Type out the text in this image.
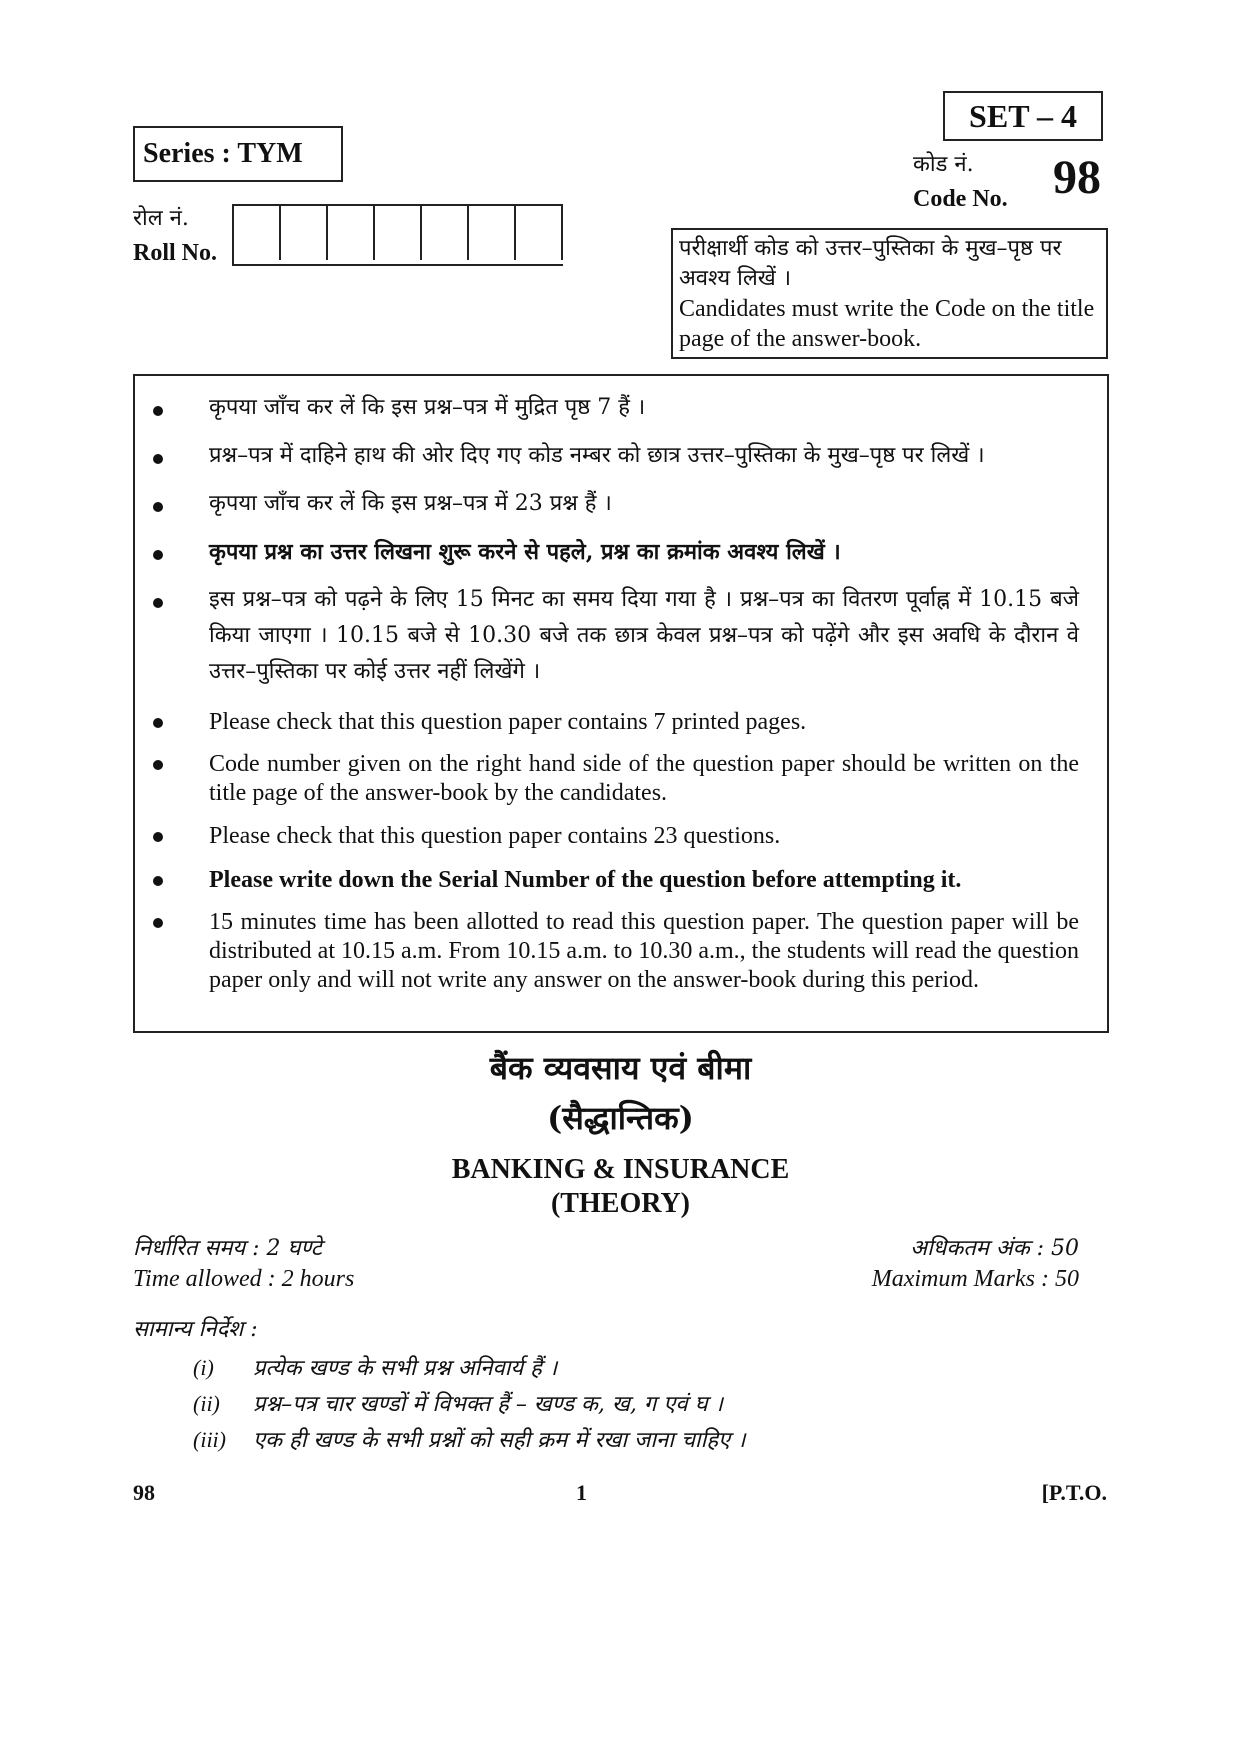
Series : TYM
SET – 4
कोड नं.
Code No. 98
रोल नं.
Roll No.	परीक्षार्थी कोड को उत्तर–पुस्तिका के मुख–पृष्ठ पर अवश्य लिखें ।
Candidates must write the Code on the title page of the answer-book.
कृपया जाँच कर लें कि इस प्रश्न–पत्र में मुद्रित पृष्ठ 7 हैं ।
प्रश्न–पत्र में दाहिने हाथ की ओर दिए गए कोड नम्बर को छात्र उत्तर–पुस्तिका के मुख–पृष्ठ पर लिखें ।
कृपया जाँच कर लें कि इस प्रश्न–पत्र में 23 प्रश्न हैं ।
कृपया प्रश्न का उत्तर लिखना शुरू करने से पहले, प्रश्न का क्रमांक अवश्य लिखें ।
इस प्रश्न–पत्र को पढ़ने के लिए 15 मिनट का समय दिया गया है । प्रश्न–पत्र का वितरण पूर्वाह्न में 10.15 बजे किया जाएगा । 10.15 बजे से 10.30 बजे तक छात्र केवल प्रश्न–पत्र को पढ़ेंगे और इस अवधि के दौरान वे उत्तर–पुस्तिका पर कोई उत्तर नहीं लिखेंगे ।
Please check that this question paper contains 7 printed pages.
Code number given on the right hand side of the question paper should be written on the title page of the answer-book by the candidates.
Please check that this question paper contains 23 questions.
Please write down the Serial Number of the question before attempting it.
15 minutes time has been allotted to read this question paper. The question paper will be distributed at 10.15 a.m. From 10.15 a.m. to 10.30 a.m., the students will read the question paper only and will not write any answer on the answer-book during this period.
बैंक व्यवसाय एवं बीमा
(सैद्धान्तिक)
BANKING & INSURANCE
(THEORY)
निर्धारित समय : 2 घण्टे
Time allowed : 2 hours
अधिकतम अंक : 50
Maximum Marks : 50
सामान्य निर्देश :
(i) प्रत्येक खण्ड के सभी प्रश्न अनिवार्य हैं ।
(ii) प्रश्न–पत्र चार खण्डों में विभक्त हैं – खण्ड क, ख, ग एवं घ ।
(iii) एक ही खण्ड के सभी प्रश्नों को सही क्रम में रखा जाना चाहिए ।
98	1	[P.T.O.
